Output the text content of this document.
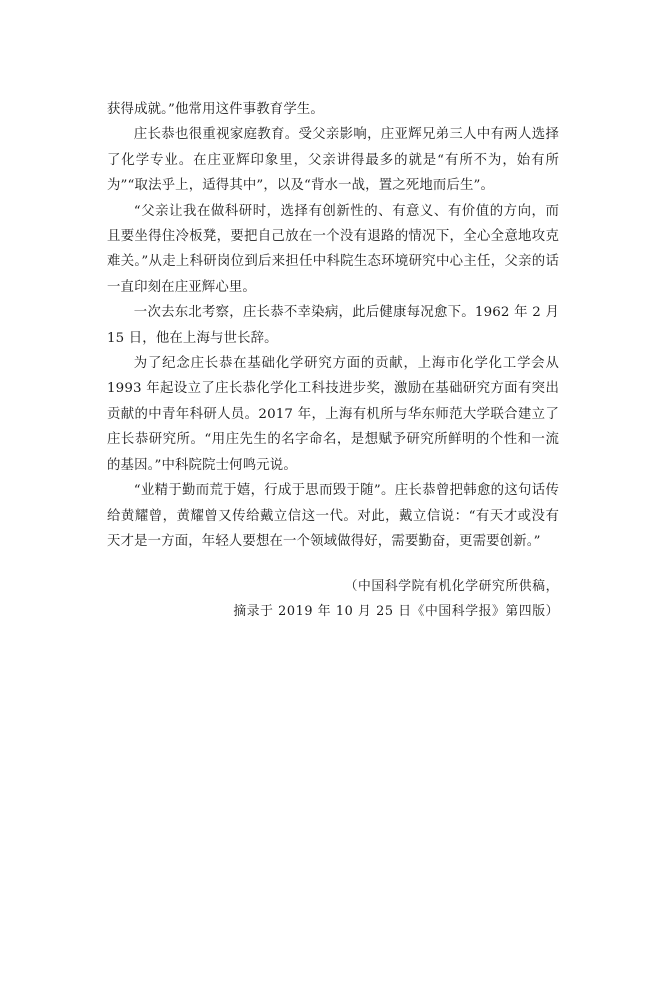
获得成就。”他常用这件事教育学生。

庄长恭也很重视家庭教育。受父亲影响，庄亚辉兄弟三人中有两人选择了化学专业。在庄亚辉印象里，父亲讲得最多的就是“有所不为，始有所为”“取法乎上，适得其中”，以及“背水一战，置之死地而后生”。

“父亲让我在做科研时，选择有创新性的、有意义、有价值的方向，而且要坐得住冷板凳，要把自己放在一个没有退路的情况下，全心全意地攻克难关。”从走上科研岗位到后来担任中科院生态环境研究中心主任，父亲的话一直印刻在庄亚辉心里。

一次去东北考察，庄长恭不幸染病，此后健康每况愈下。1962 年 2 月 15 日，他在上海与世长辞。

为了纪念庄长恭在基础化学研究方面的贡献，上海市化学化工学会从 1993 年起设立了庄长恭化学化工科技进步奖，激励在基础研究方面有突出贡献的中青年科研人员。2017 年，上海有机所与华东师范大学联合建立了庄长恭研究所。“用庄先生的名字命名，是想赋予研究所鲜明的个性和一流的基因。”中科院院士何鸣元说。

“业精于勤而荒于嬉，行成于思而毁于随”。庄长恭曾把韩愈的这句话传给黄耀曾，黄耀曾又传给戴立信这一代。对此，戴立信说：“有天才或没有天才是一方面，年轻人要想在一个领域做得好，需要勤奋，更需要创新。”

（中国科学院有机化学研究所供稿，
摘录于 2019 年 10 月 25 日《中国科学报》第四版）
